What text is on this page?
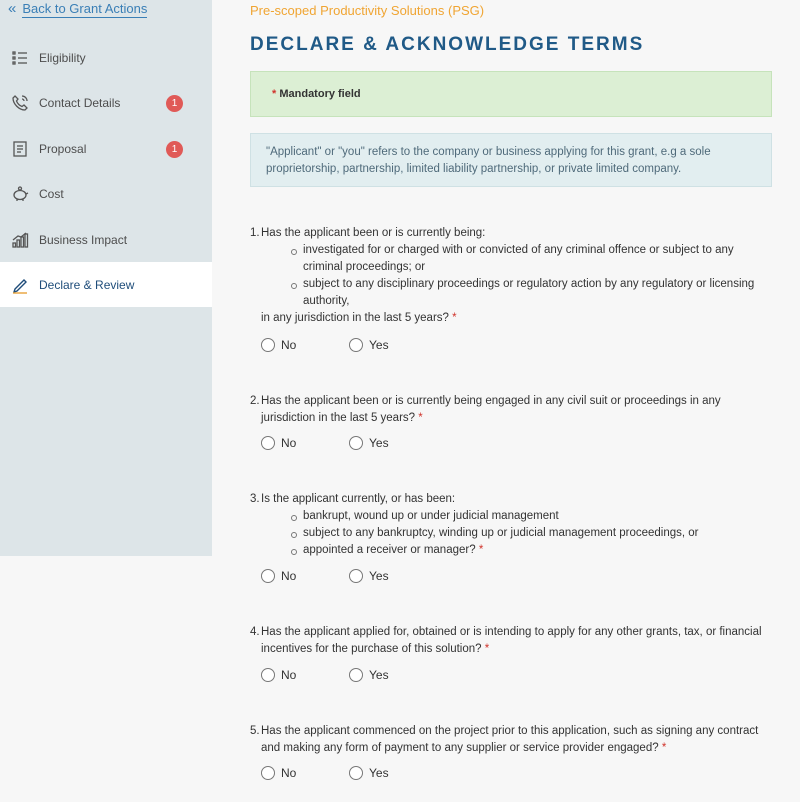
« Back to Grant Actions
Eligibility
Contact Details	1
Proposal	1
Cost
Business Impact
Declare & Review
Pre-scoped Productivity Solutions (PSG)
DECLARE & ACKNOWLEDGE TERMS
*
Mandatory field
"Applicant" or "you" refers to the company or business applying for this grant, e.g a sole proprietorship, partnership, limited liability partnership, or private limited company.
1. Has the applicant been or is currently being:
investigated for or charged with or convicted of any criminal offence or subject to any criminal proceedings; or
subject to any disciplinary proceedings or regulatory action by any regulatory or licensing authority,
in any jurisdiction in the last 5 years? *
No	Yes
2. Has the applicant been or is currently being engaged in any civil suit or proceedings in any jurisdiction in the last 5 years? *
No	Yes
3. Is the applicant currently, or has been:
bankrupt, wound up or under judicial management
subject to any bankruptcy, winding up or judicial management proceedings, or
appointed a receiver or manager? *
No	Yes
4. Has the applicant applied for, obtained or is intending to apply for any other grants, tax, or financial incentives for the purchase of this solution? *
No	Yes
5. Has the applicant commenced on the project prior to this application, such as signing any contract and making any form of payment to any supplier or service provider engaged? *
No	Yes
